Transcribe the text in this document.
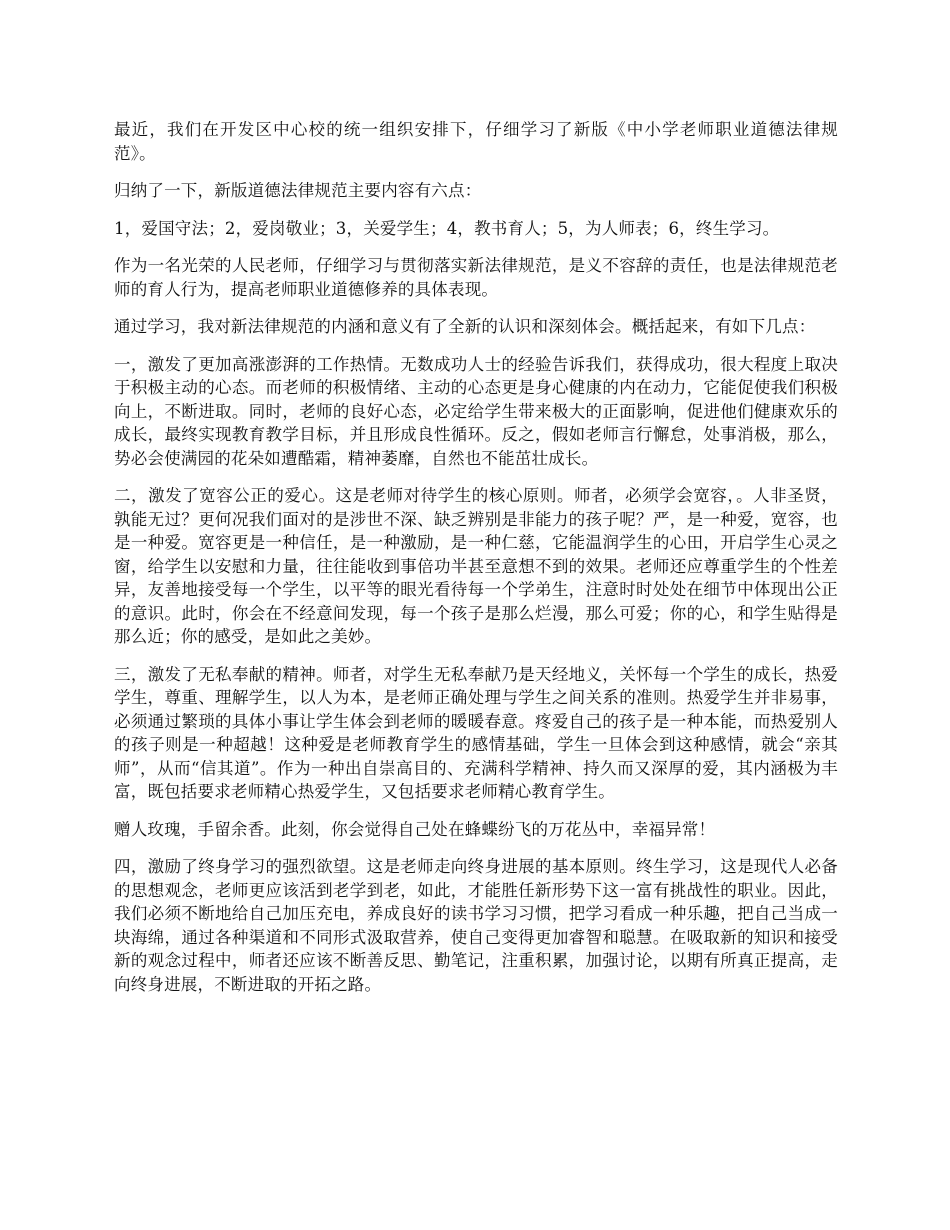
最近，我们在开发区中心校的统一组织安排下，仔细学习了新版《中小学老师职业道德法律规范》。

归纳了一下，新版道德法律规范主要内容有六点：

1，爱国守法；2，爱岗敬业；3，关爱学生；4，教书育人；5，为人师表；6，终生学习。

作为一名光荣的人民老师，仔细学习与贯彻落实新法律规范，是义不容辞的责任，也是法律规范老师的育人行为，提高老师职业道德修养的具体表现。

通过学习，我对新法律规范的内涵和意义有了全新的认识和深刻体会。概括起来，有如下几点：

一，激发了更加高涨澎湃的工作热情。无数成功人士的经验告诉我们，获得成功，很大程度上取决于积极主动的心态。而老师的积极情绪、主动的心态更是身心健康的内在动力，它能促使我们积极向上，不断进取。同时，老师的良好心态，必定给学生带来极大的正面影响，促进他们健康欢乐的成长，最终实现教育教学目标，并且形成良性循环。反之，假如老师言行懈怠，处事消极，那么，势必会使满园的花朵如遭酷霜，精神萎靡，自然也不能茁壮成长。

二，激发了宽容公正的爱心。这是老师对待学生的核心原则。师者，必须学会宽容，。人非圣贤，孰能无过？更何况我们面对的是涉世不深、缺乏辨别是非能力的孩子呢？严，是一种爱，宽容，也是一种爱。宽容更是一种信任，是一种激励，是一种仁慈，它能温润学生的心田，开启学生心灵之窗，给学生以安慰和力量，往往能收到事倍功半甚至意想不到的效果。老师还应尊重学生的个性差异，友善地接受每一个学生，以平等的眼光看待每一个学弟生，注意时时处处在细节中体现出公正的意识。此时，你会在不经意间发现，每一个孩子是那么烂漫，那么可爱；你的心，和学生贴得是那么近；你的感受，是如此之美妙。

三，激发了无私奉献的精神。师者，对学生无私奉献乃是天经地义，关怀每一个学生的成长，热爱学生，尊重、理解学生，以人为本，是老师正确处理与学生之间关系的准则。热爱学生并非易事，必须通过繁琐的具体小事让学生体会到老师的暖暖春意。疼爱自己的孩子是一种本能，而热爱别人的孩子则是一种超越！这种爱是老师教育学生的感情基础，学生一旦体会到这种感情，就会“亲其师”，从而“信其道”。作为一种出自崇高目的、充满科学精神、持久而又深厚的爱，其内涵极为丰富，既包括要求老师精心热爱学生，又包括要求老师精心教育学生。

赠人玫瑰，手留余香。此刻，你会觉得自己处在蜂蝶纷飞的万花丛中，幸福异常！

四，激励了终身学习的强烈欲望。这是老师走向终身进展的基本原则。终生学习，这是现代人必备的思想观念，老师更应该活到老学到老，如此，才能胜任新形势下这一富有挑战性的职业。因此，我们必须不断地给自己加压充电，养成良好的读书学习习惯，把学习看成一种乐趣，把自己当成一块海绵，通过各种渠道和不同形式汲取营养，使自己变得更加睿智和聪慧。在吸取新的知识和接受新的观念过程中，师者还应该不断善反思、勤笔记，注重积累，加强讨论，以期有所真正提高，走向终身进展，不断进取的开拓之路。
